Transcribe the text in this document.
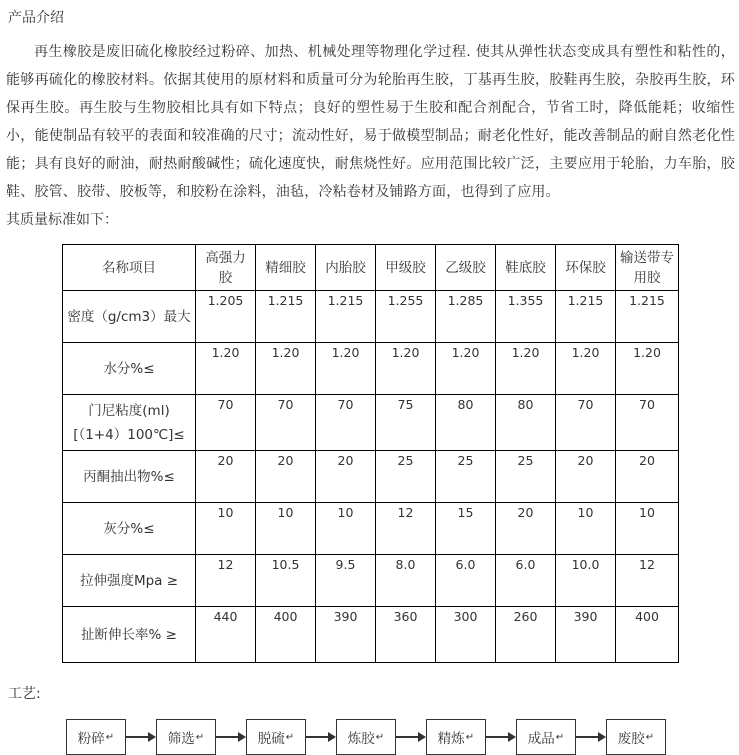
产品介绍

再生橡胶是废旧硫化橡胶经过粉碎、加热、机械处理等物理化学过程. 使其从弹性状态变成具有塑性和粘性的，能够再硫化的橡胶材料。依据其使用的原材料和质量可分为轮胎再生胶，丁基再生胶，胶鞋再生胶，杂胶再生胶，环保再生胶。再生胶与生物胶相比具有如下特点；良好的塑性易于生胶和配合剂配合，节省工时，降低能耗；收缩性小，能使制品有较平的表面和较准确的尺寸；流动性好，易于做模型制品；耐老化性好，能改善制品的耐自然老化性能；具有良好的耐油，耐热耐酸碱性；硫化速度快，耐焦烧性好。应用范围比较广泛，主要应用于轮胎，力车胎，胶鞋、胶管、胶带、胶板等，和胶粉在涂料，油毡，冷粘卷材及铺路方面，也得到了应用。

其质量标准如下：

名称项目	高强力胶	精细胶	内胎胶	甲级胶	乙级胶	鞋底胶	环保胶	输送带专用胶
密度（g/cm3）最大	1.205	1.215	1.215	1.255	1.285	1.355	1.215	1.215
水分%≤	1.20	1.20	1.20	1.20	1.20	1.20	1.20	1.20
门尼粘度(ml)[（1+4）100℃]≤	70	70	70	75	80	80	70	70
丙酮抽出物%≤	20	20	20	25	25	25	20	20
灰分%≤	10	10	10	12	15	20	10	10
拉伸强度Mpa ≥	12	10.5	9.5	8.0	6.0	6.0	10.0	12
扯断伸长率% ≥	440	400	390	360	300	260	390	400
工艺:
粉碎 ↵	筛选 ↵	脱硫 ↵	炼胶 ↵	精炼 ↵	成品 ↵	废胶 ↵
